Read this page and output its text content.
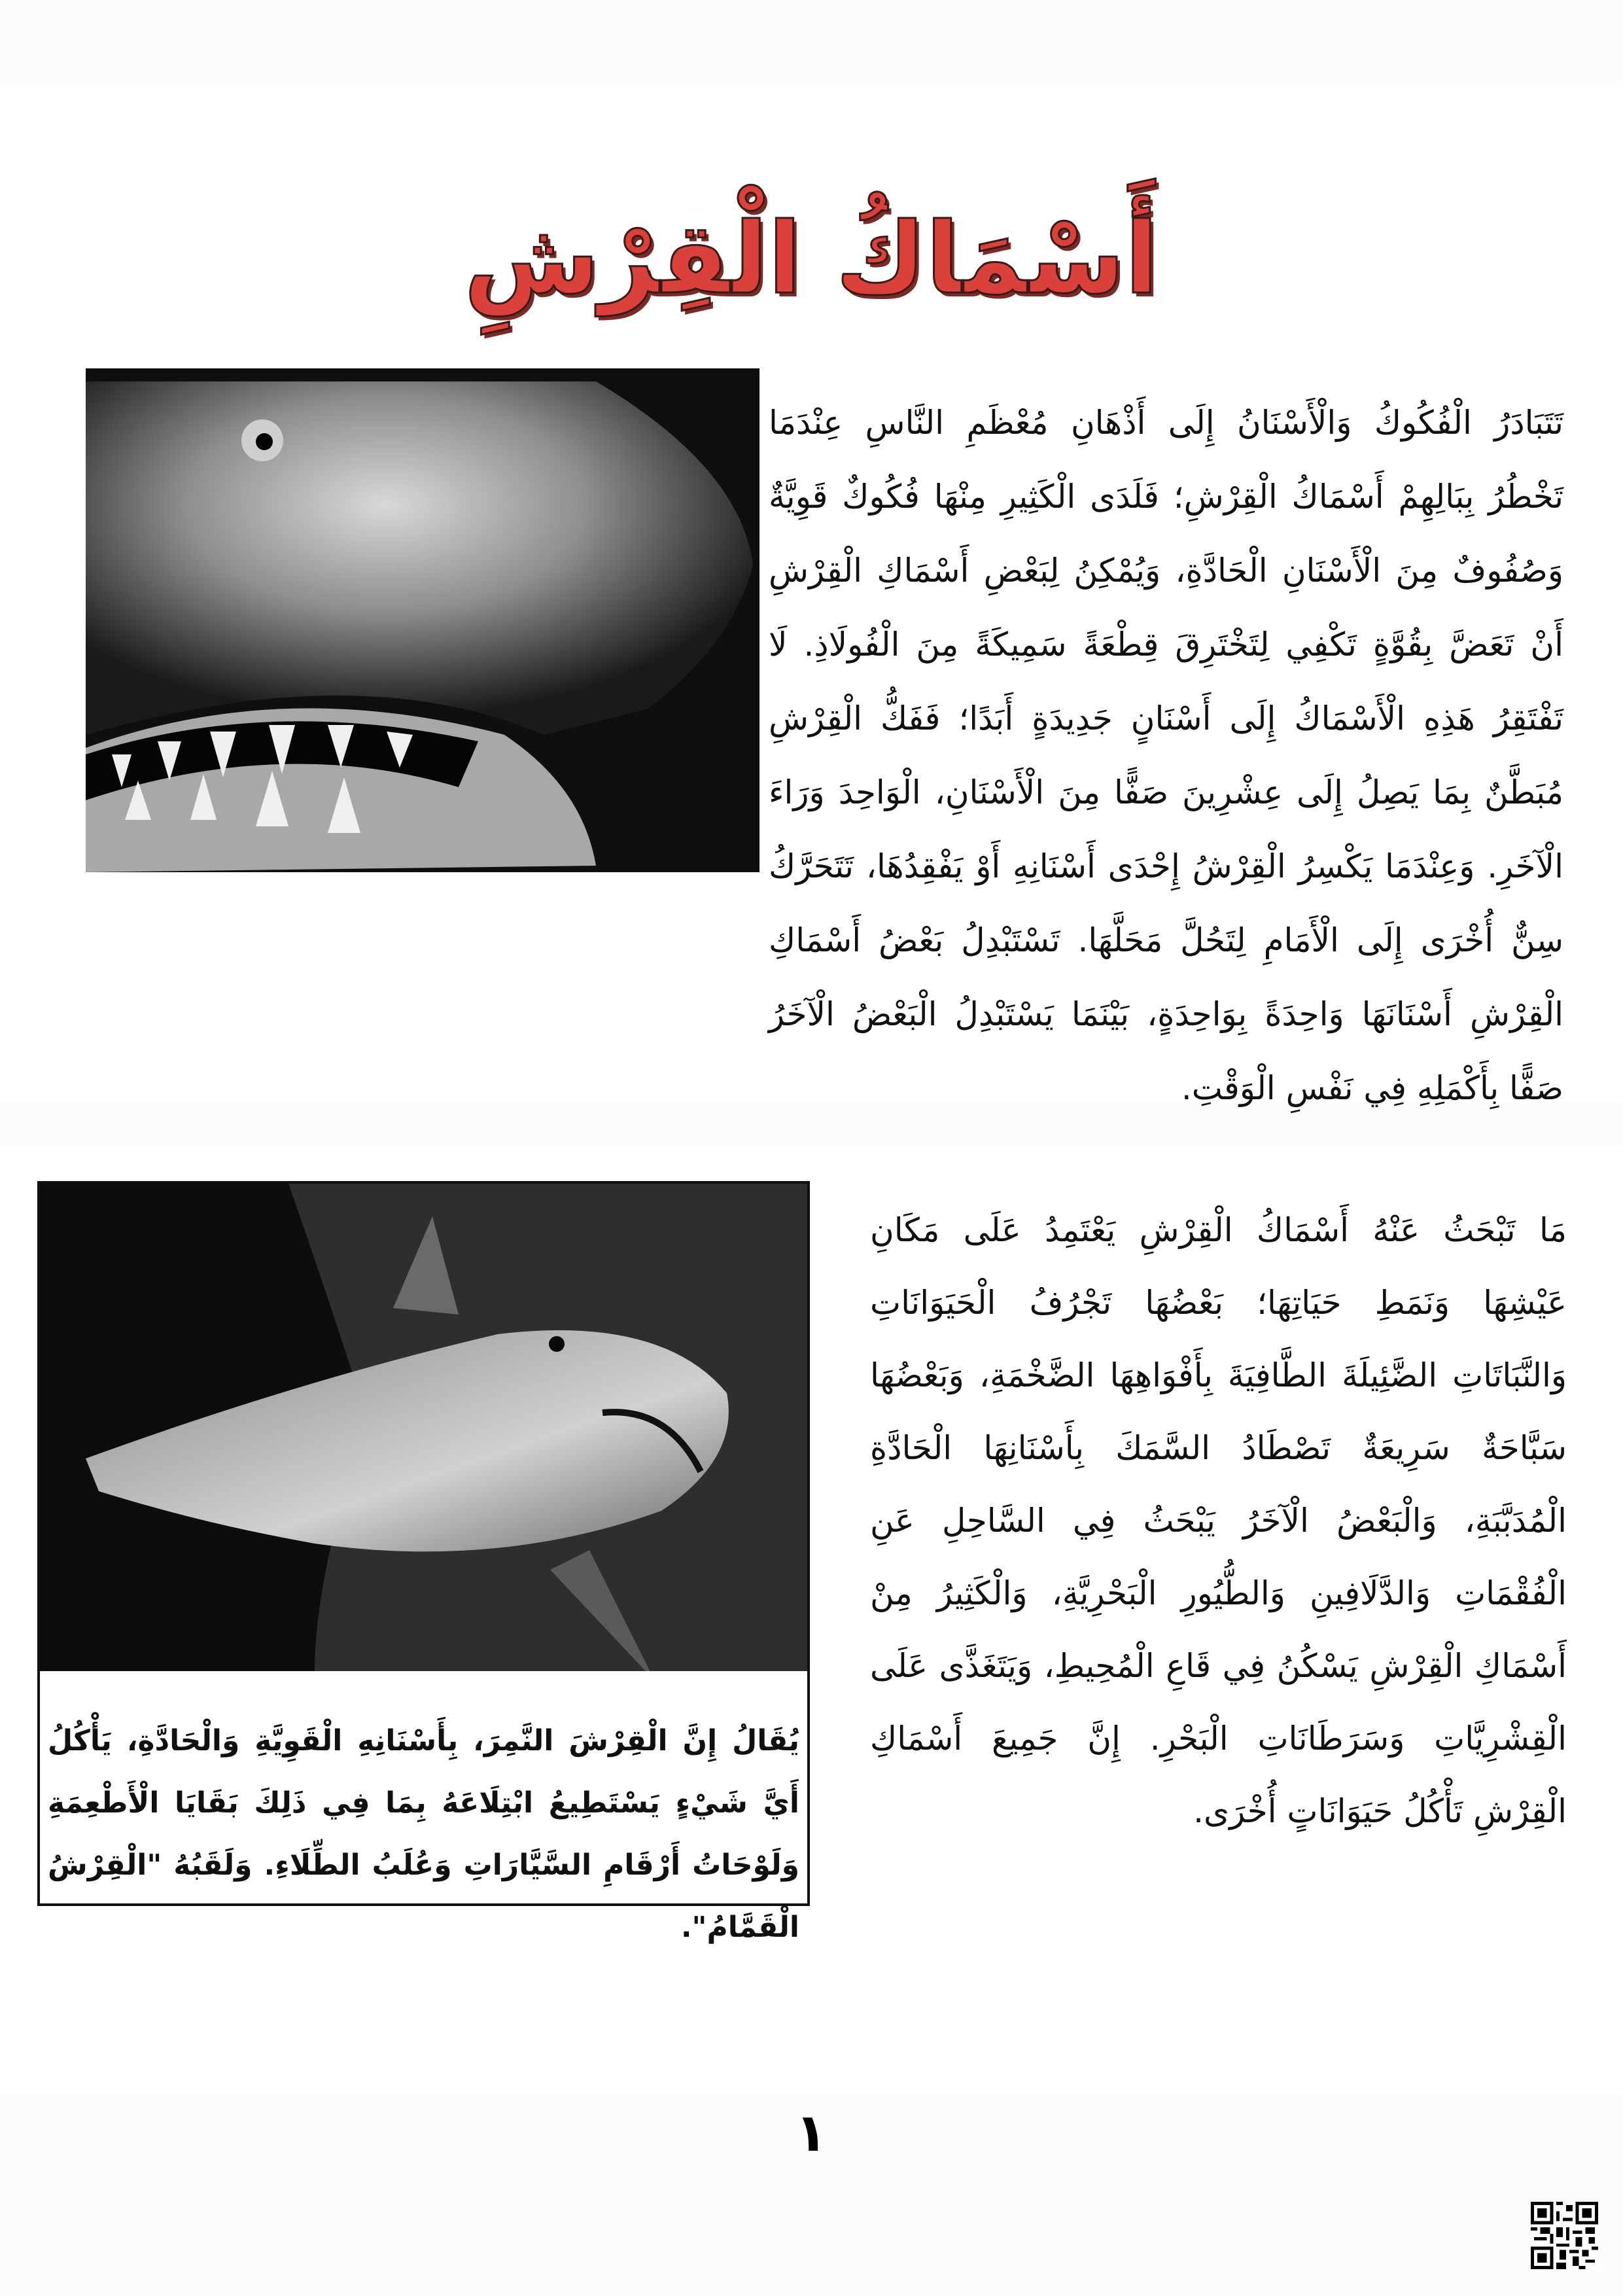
أَسْمَاكُ الْقِرْشِ

تَتَبَادَرُ الْفُكُوكُ وَالْأَسْنَانُ إِلَى أَذْهَانِ مُعْظَمِ النَّاسِ عِنْدَمَا تَخْطُرُ بِبَالِهِمْ أَسْمَاكُ الْقِرْشِ؛ فَلَدَى الْكَثِيرِ مِنْهَا فُكُوكٌ قَوِيَّةٌ وَصُفُوفٌ مِنَ الْأَسْنَانِ الْحَادَّةِ، وَيُمْكِنُ لِبَعْضِ أَسْمَاكِ الْقِرْشِ أَنْ تَعَضَّ بِقُوَّةٍ تَكْفِي لِتَخْتَرِقَ قِطْعَةً سَمِيكَةً مِنَ الْفُولَاذِ. لَا تَفْتَقِرُ هَذِهِ الْأَسْمَاكُ إِلَى أَسْنَانٍ جَدِيدَةٍ أَبَدًا؛ فَفَكُّ الْقِرْشِ مُبَطَّنٌ بِمَا يَصِلُ إِلَى عِشْرِينَ صَفًّا مِنَ الْأَسْنَانِ، الْوَاحِدَ وَرَاءَ الْآخَرِ. وَعِنْدَمَا يَكْسِرُ الْقِرْشُ إِحْدَى أَسْنَانِهِ أَوْ يَفْقِدُهَا، تَتَحَرَّكُ سِنٌّ أُخْرَى إِلَى الْأَمَامِ لِتَحُلَّ مَحَلَّهَا. تَسْتَبْدِلُ بَعْضُ أَسْمَاكِ الْقِرْشِ أَسْنَانَهَا وَاحِدَةً بِوَاحِدَةٍ، بَيْنَمَا يَسْتَبْدِلُ الْبَعْضُ الْآخَرُ صَفًّا بِأَكْمَلِهِ فِي نَفْسِ الْوَقْتِ.

يُقَالُ إِنَّ الْقِرْشَ النَّمِرَ، بِأَسْنَانِهِ الْقَوِيَّةِ وَالْحَادَّةِ، يَأْكُلُ أَيَّ شَيْءٍ يَسْتَطِيعُ ابْتِلَاعَهُ بِمَا فِي ذَلِكَ بَقَايَا الْأَطْعِمَةِ وَلَوْحَاتُ أَرْقَامِ السَّيَّارَاتِ وَعُلَبُ الطِّلَاءِ. وَلَقَبُهُ "الْقِرْشُ الْقَمَّامُ".

مَا تَبْحَثُ عَنْهُ أَسْمَاكُ الْقِرْشِ يَعْتَمِدُ عَلَى مَكَانِ عَيْشِهَا وَنَمَطِ حَيَاتِهَا؛ بَعْضُهَا تَجْرُفُ الْحَيَوَانَاتِ وَالنَّبَاتَاتِ الضَّئِيلَةَ الطَّافِيَةَ بِأَفْوَاهِهَا الضَّخْمَةِ، وَبَعْضُهَا سَبَّاحَةٌ سَرِيعَةٌ تَصْطَادُ السَّمَكَ بِأَسْنَانِهَا الْحَادَّةِ الْمُدَبَّبَةِ، وَالْبَعْضُ الْآخَرُ يَبْحَثُ فِي السَّاحِلِ عَنِ الْفُقْمَاتِ وَالدَّلَافِينِ وَالطُّيُورِ الْبَحْرِيَّةِ، وَالْكَثِيرُ مِنْ أَسْمَاكِ الْقِرْشِ يَسْكُنُ فِي قَاعِ الْمُحِيطِ، وَيَتَغَذَّى عَلَى الْقِشْرِيَّاتِ وَسَرَطَانَاتِ الْبَحْرِ. إِنَّ جَمِيعَ أَسْمَاكِ الْقِرْشِ تَأْكُلُ حَيَوَانَاتٍ أُخْرَى.

١
